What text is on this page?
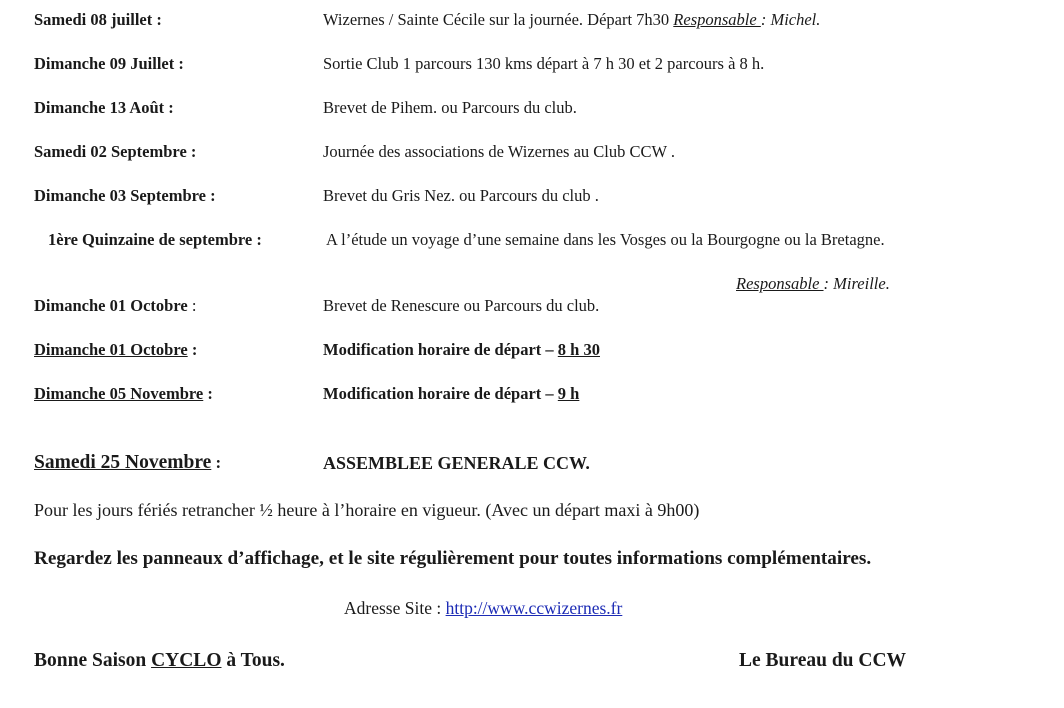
Samedi 08 juillet :	Wizernes / Sainte Cécile sur la journée. Départ 7h30 Responsable : Michel.
Dimanche 09 Juillet :	Sortie Club 1 parcours 130 kms départ à 7 h 30 et 2 parcours à 8 h.
Dimanche 13 Août :	Brevet de Pihem. ou Parcours du club.
Samedi 02 Septembre :	Journée des associations de Wizernes au Club CCW .
Dimanche 03 Septembre :	Brevet du Gris Nez. ou Parcours du club .
1ère Quinzaine de septembre :	A l’étude un voyage d’une semaine dans les Vosges ou la Bourgogne ou la Bretagne.
Responsable : Mireille.
Dimanche 01 Octobre :	Brevet de Renescure ou Parcours du club.
Dimanche 01 Octobre :	Modification horaire de départ – 8 h 30
Dimanche 05 Novembre :	Modification horaire de départ – 9 h
Samedi 25 Novembre :	ASSEMBLEE GENERALE CCW.
Pour les jours fériés retrancher ½ heure à l’horaire en vigueur. (Avec un départ maxi à 9h00)
Regardez les panneaux d’affichage, et le site régulièrement pour toutes informations complémentaires.
Adresse Site : http://www.ccwizernes.fr
Bonne Saison CYCLO à Tous.	Le Bureau du CCW
